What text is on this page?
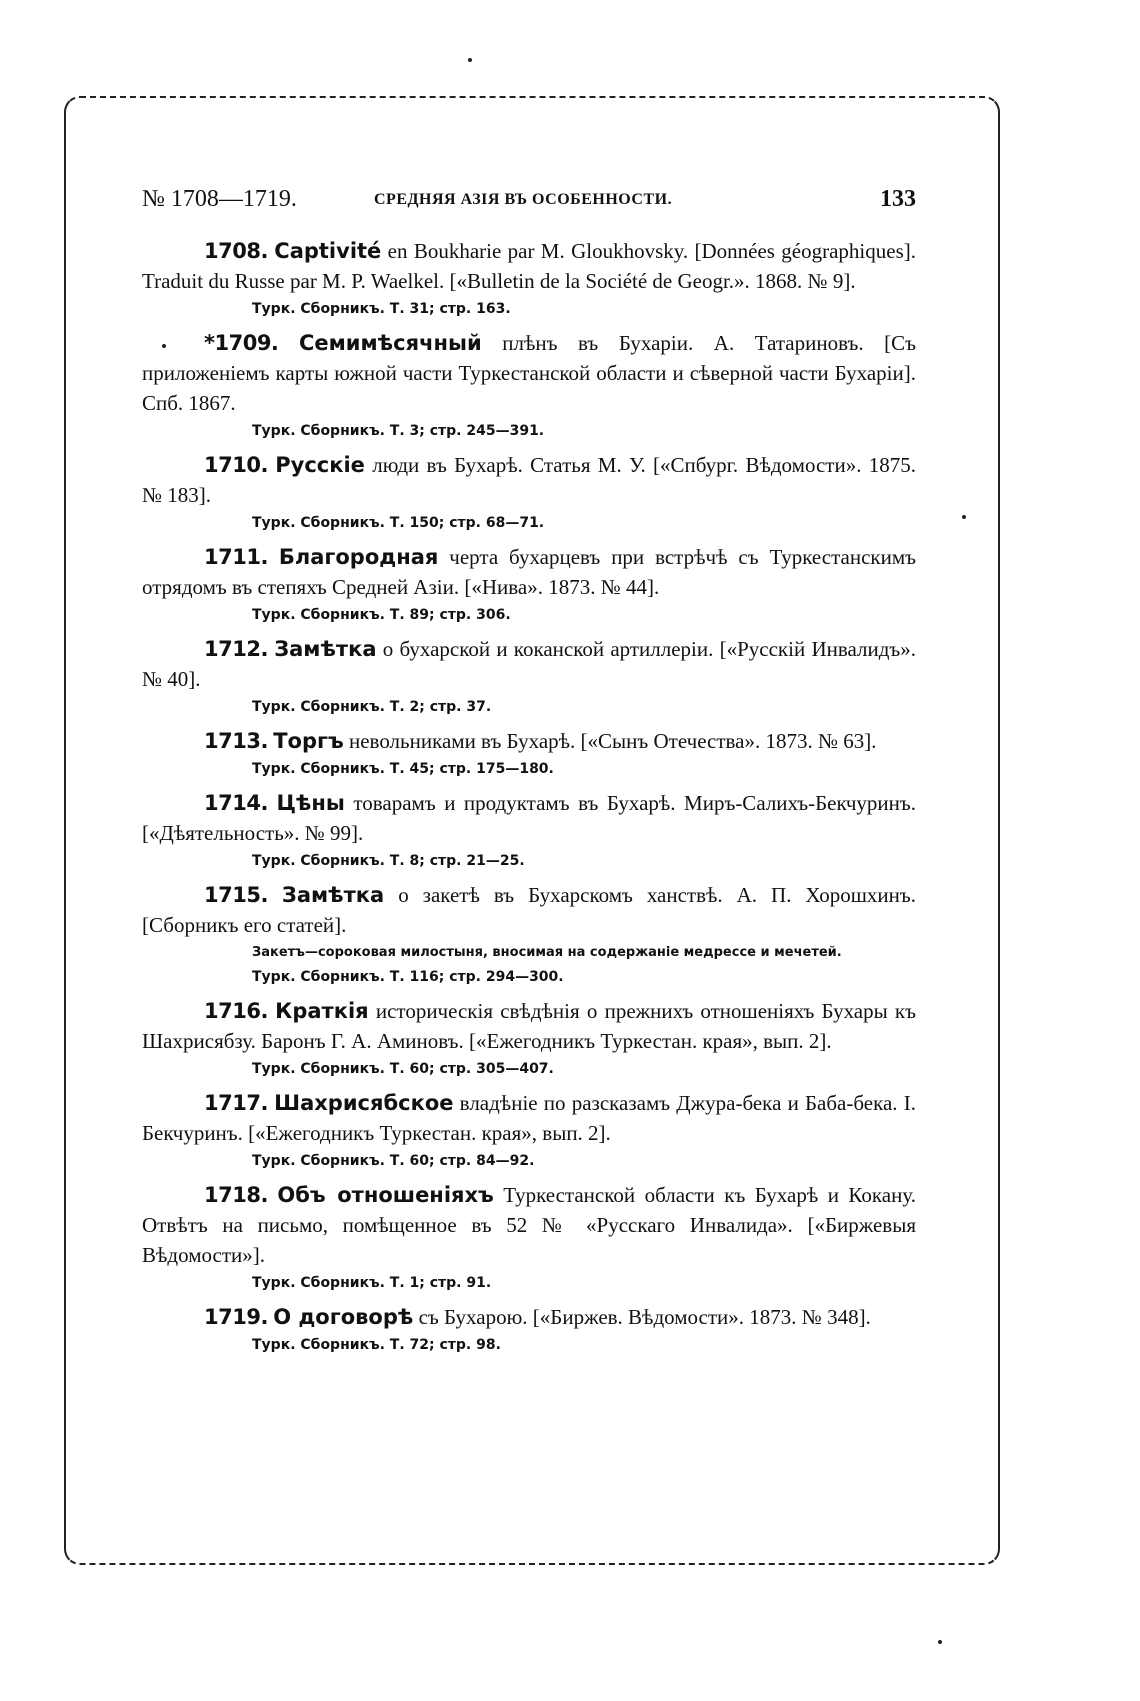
№ 1708—1719.	СРЕДНЯЯ АЗІЯ ВЪ ОСОБЕННОСТИ.	133

1708. Captivité en Boukharie par M. Gloukhovsky. [Données géographiques]. Traduit du Russe par M. P. Waelkel. [«Bulletin de la Société de Geogr.». 1868. № 9].

Турк. Сборникъ. Т. 31; стр. 163.

*1709. Семимѣсячный плѣнъ въ Бухаріи. А. Татариновъ. [Съ приложеніемъ карты южной части Туркестанской области и сѣверной части Бухаріи]. Спб. 1867.

Турк. Сборникъ. Т. 3; стр. 245—391.

1710. Русскіе люди въ Бухарѣ. Статья М. У. [«Спбург. Вѣдомости». 1875. № 183].

Турк. Сборникъ. Т. 150; стр. 68—71.

1711. Благородная черта бухарцевъ при встрѣчѣ съ Туркестанскимъ отрядомъ въ степяхъ Средней Азіи. [«Нива». 1873. № 44].

Турк. Сборникъ. Т. 89; стр. 306.

1712. Замѣтка о бухарской и коканской артиллеріи. [«Русскій Инвалидъ». № 40].

Турк. Сборникъ. Т. 2; стр. 37.

1713. Торгъ невольниками въ Бухарѣ. [«Сынъ Отечества». 1873. № 63].

Турк. Сборникъ. Т. 45; стр. 175—180.

1714. Цѣны товарамъ и продуктамъ въ Бухарѣ. Миръ-Салихъ-Бекчуринъ. [«Дѣятельность». № 99].

Турк. Сборникъ. Т. 8; стр. 21—25.

1715. Замѣтка о закетѣ въ Бухарскомъ ханствѣ. А. П. Хорошхинъ. [Сборникъ его статей].

Закетъ—сороковая милостыня, вносимая на содержаніе медрессе и мечетей.
Турк. Сборникъ. Т. 116; стр. 294—300.

1716. Краткія историческія свѣдѣнія о прежнихъ отношеніяхъ Бухары къ Шахрисябзу. Баронъ Г. А. Аминовъ. [«Ежегодникъ Туркестан. края», вып. 2].

Турк. Сборникъ. Т. 60; стр. 305—407.

1717. Шахрисябское владѣніе по разсказамъ Джура-бека и Баба-бека. І. Бекчуринъ. [«Ежегодникъ Туркестан. края», вып. 2].

Турк. Сборникъ. Т. 60; стр. 84—92.

1718. Объ отношеніяхъ Туркестанской области къ Бухарѣ и Кокану. Отвѣтъ на письмо, помѣщенное въ 52 № «Русскаго Инвалида». [«Биржевыя Вѣдомости»].

Турк. Сборникъ. Т. 1; стр. 91.

1719. О договорѣ съ Бухарою. [«Биржев. Вѣдомости». 1873. № 348].

Турк. Сборникъ. Т. 72; стр. 98.
